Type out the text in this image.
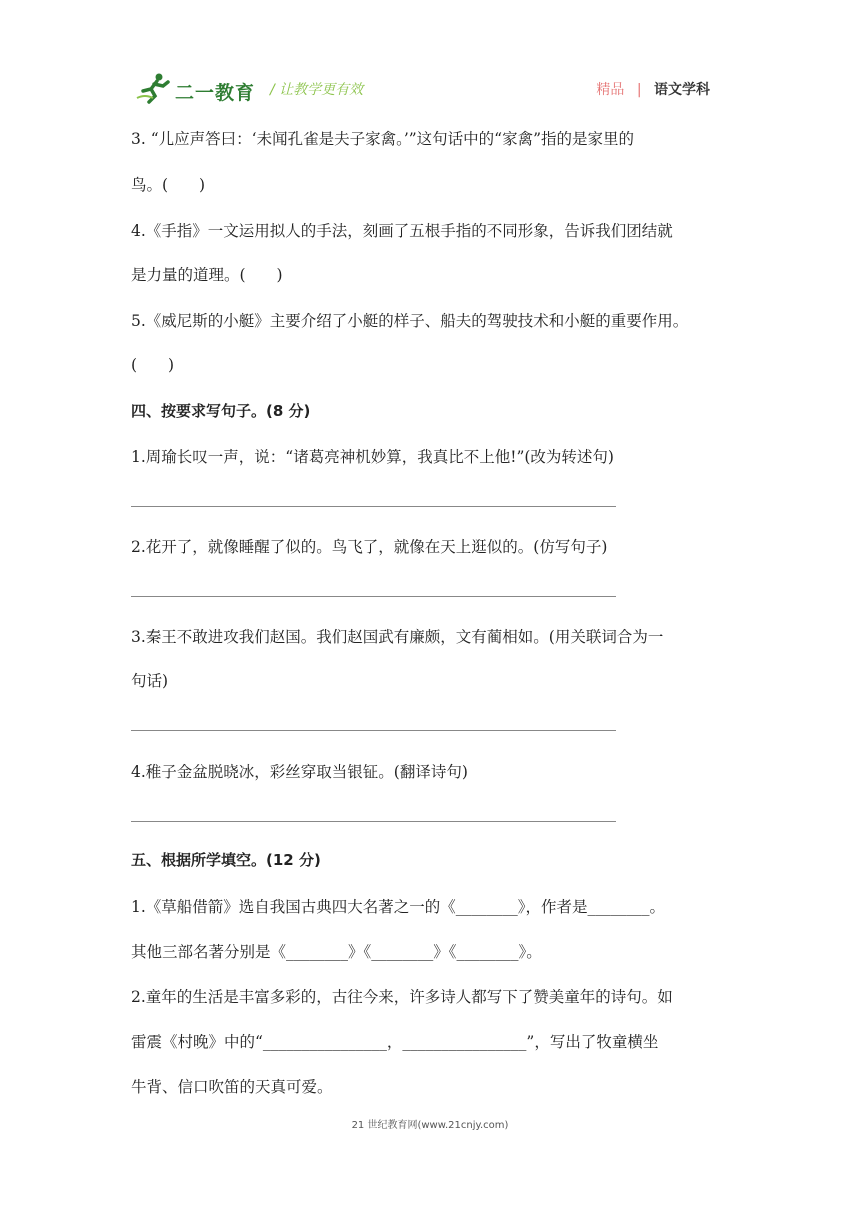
二一教育 / 让教学更有效	精品 | 语文学科
3. “儿应声答曰：‘未闻孔雀是夫子家禽。’”这句话中的“家禽”指的是家里的
鸟。(　　)
4.《手指》一文运用拟人的手法，刻画了五根手指的不同形象，告诉我们团结就
是力量的道理。(　　)
5.《威尼斯的小艇》主要介绍了小艇的样子、船夫的驾驶技术和小艇的重要作用。
(　　)
四、按要求写句子。(8 分)
1.周瑜长叹一声，说：“诸葛亮神机妙算，我真比不上他!”(改为转述句)
2.花开了，就像睡醒了似的。鸟飞了，就像在天上逛似的。(仿写句子)
3.秦王不敢进攻我们赵国。我们赵国武有廉颇，文有蔺相如。(用关联词合为一
句话)
4.稚子金盆脱晓冰，彩丝穿取当银钲。(翻译诗句)
五、根据所学填空。(12 分)
1.《草船借箭》选自我国古典四大名著之一的《________》，作者是________。
其他三部名著分别是《________》《________》《________》。
2.童年的生活是丰富多彩的，古往今来，许多诗人都写下了赞美童年的诗句。如
雷震《村晚》中的“________________，________________”，写出了牧童横坐
牛背、信口吹笛的天真可爱。
21 世纪教育网(www.21cnjy.com)
